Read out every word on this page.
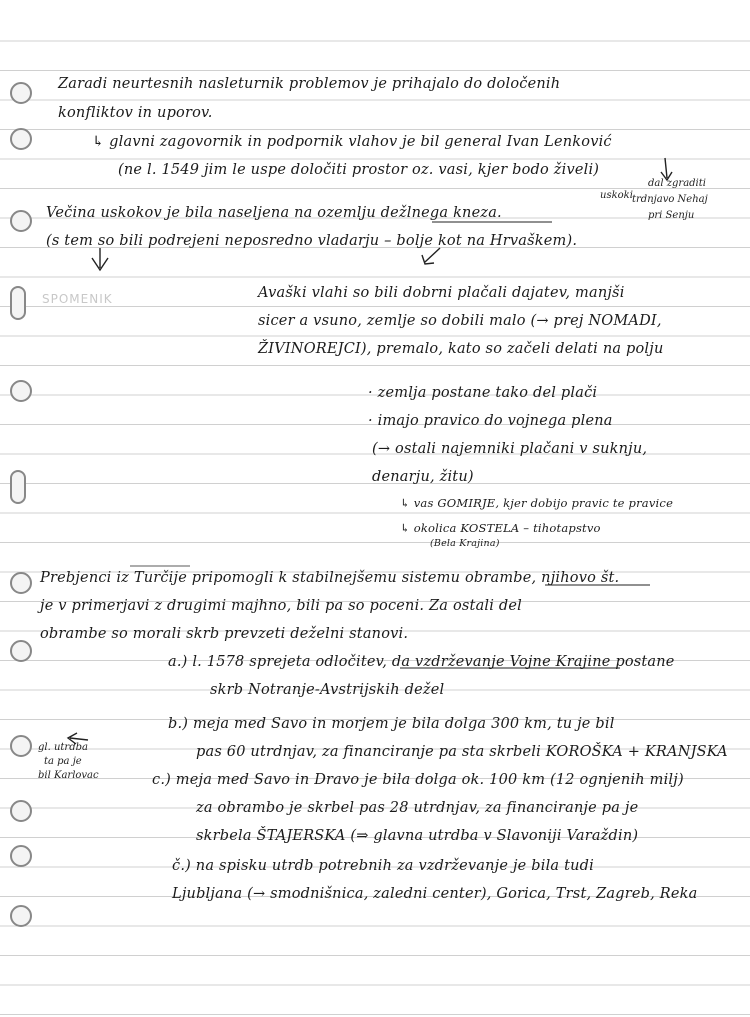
Zaradi neurtesnih nasleturnik problemov je prihajalo do določenih
konfliktov in uporov.
↳ glavni zagovornik in podpornik vlahov je bil general Ivan Lenković
(ne l. 1549 jim le uspe določiti prostor oz. vasi, kjer bodo živeli)
uskoki
dal zgraditi
trdnjavo Nehaj
pri Senju
Večina uskokov je bila naseljena na ozemlju dežlnega kneza.
(s tem so bili podrejeni neposredno vladarju – bolje kot na Hrvaškem).
SPOMENIK	Avaški vlahi so bili dobrni plačali dajatev, manjši
sicer a vsuno, zemlje so dobili malo (→ prej NOMADI,
ŽIVINOREJCI), premalo, kato so začeli delati na polju
· zemlja postane tako del plači
· imajo pravico do vojnega plena
(→ ostali najemniki plačani v suknju,
denarju, žitu)
↳ vas GOMIRJE, kjer dobijo pravic te pravice
↳ okolica KOSTELA – tihotapstvo
(Bela Krajina)
Prebjenci iz Turčije pripomogli k stabilnejšemu sistemu obrambe, njihovo št.
je v primerjavi z drugimi majhno, bili pa so poceni. Za ostali del
obrambe so morali skrb prevzeti deželni stanovi.
a.) l. 1578 sprejeta odločitev, da vzdrževanje Vojne Krajine postane
skrb Notranje-Avstrijskih dežel
b.) meja med Savo in morjem je bila dolga 300 km, tu je bil
pas 60 utrdnjav, za financiranje pa sta skrbeli KOROŠKA + KRANJSKA
gl. utrdba
ta pa je
bil Karlovac	c.) meja med Savo in Dravo je bila dolga ok. 100 km (12 ognjenih milj)
za obrambo je skrbel pas 28 utrdnjav, za financiranje pa je
skrbela ŠTAJERSKA (⇒ glavna utrdba v Slavoniji Varaždin)
č.) na spisku utrdb potrebnih za vzdrževanje je bila tudi
Ljubljana (→ smodnišnica, zaledni center), Gorica, Trst, Zagreb, Reka
